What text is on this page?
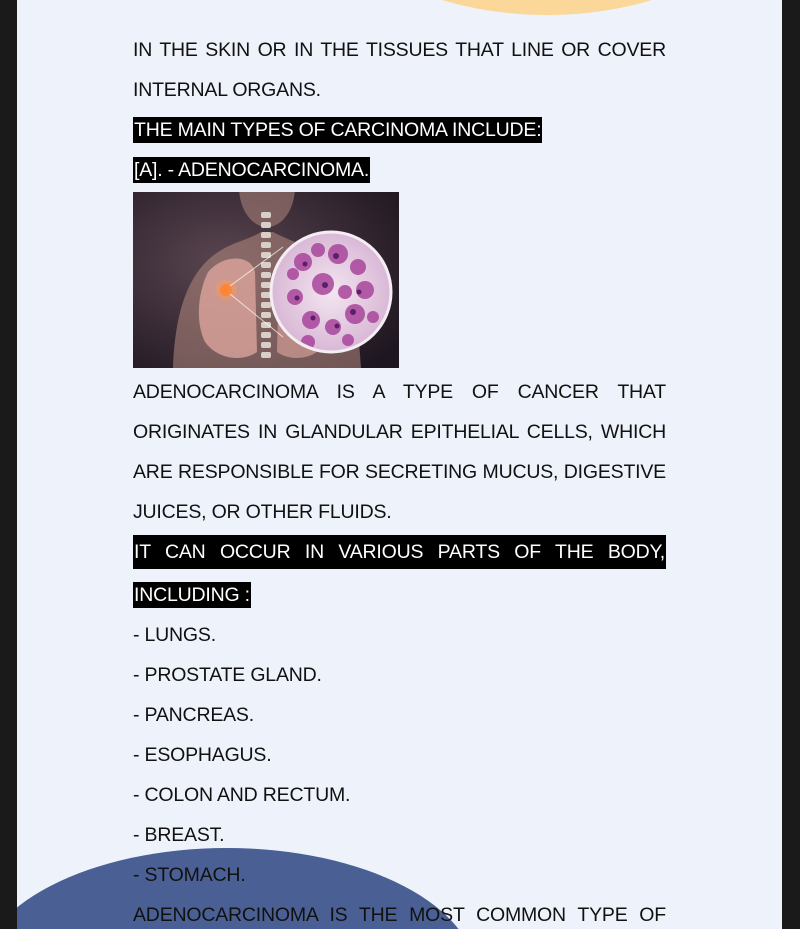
IN THE SKIN OR IN THE TISSUES THAT LINE OR COVER
INTERNAL ORGANS.
THE MAIN TYPES OF CARCINOMA INCLUDE:
[A]. - ADENOCARCINOMA.
ADENOCARCINOMA IS A TYPE OF CANCER THAT
ORIGINATES IN GLANDULAR EPITHELIAL CELLS, WHICH
ARE RESPONSIBLE FOR SECRETING MUCUS, DIGESTIVE
JUICES, OR OTHER FLUIDS.
IT CAN OCCUR IN VARIOUS PARTS OF THE BODY,
INCLUDING :
- LUNGS.
- PROSTATE GLAND.
- PANCREAS.
- ESOPHAGUS.
- COLON AND RECTUM.
- BREAST.
- STOMACH.
ADENOCARCINOMA IS THE MOST COMMON TYPE OF
